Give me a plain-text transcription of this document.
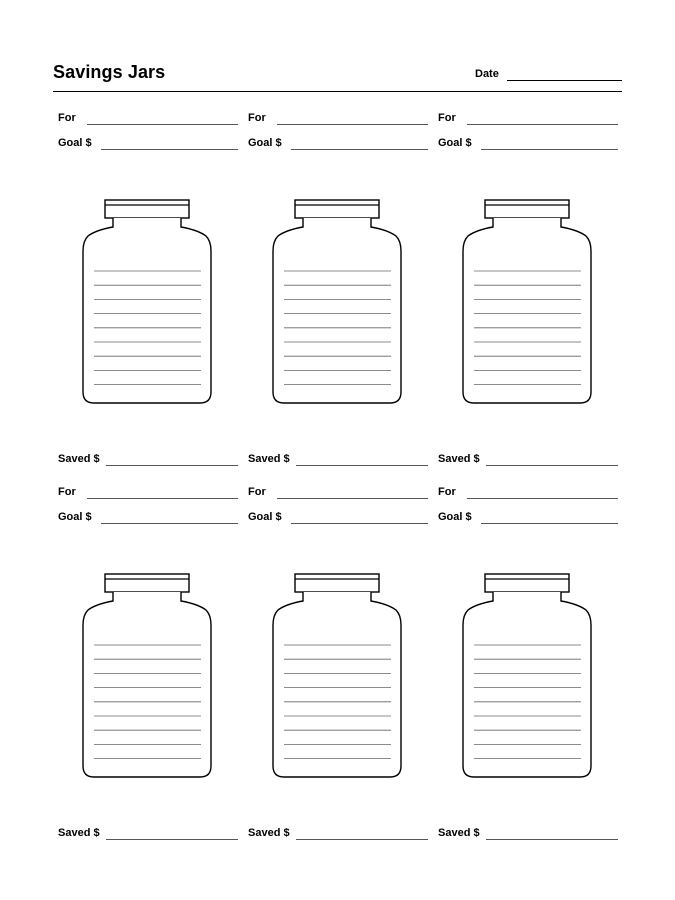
Savings Jars	Date
For
Goal $
Saved $
For
Goal $
Saved $
For
Goal $
Saved $
For
Goal $
Saved $
For
Goal $
Saved $
For
Goal $
Saved $
